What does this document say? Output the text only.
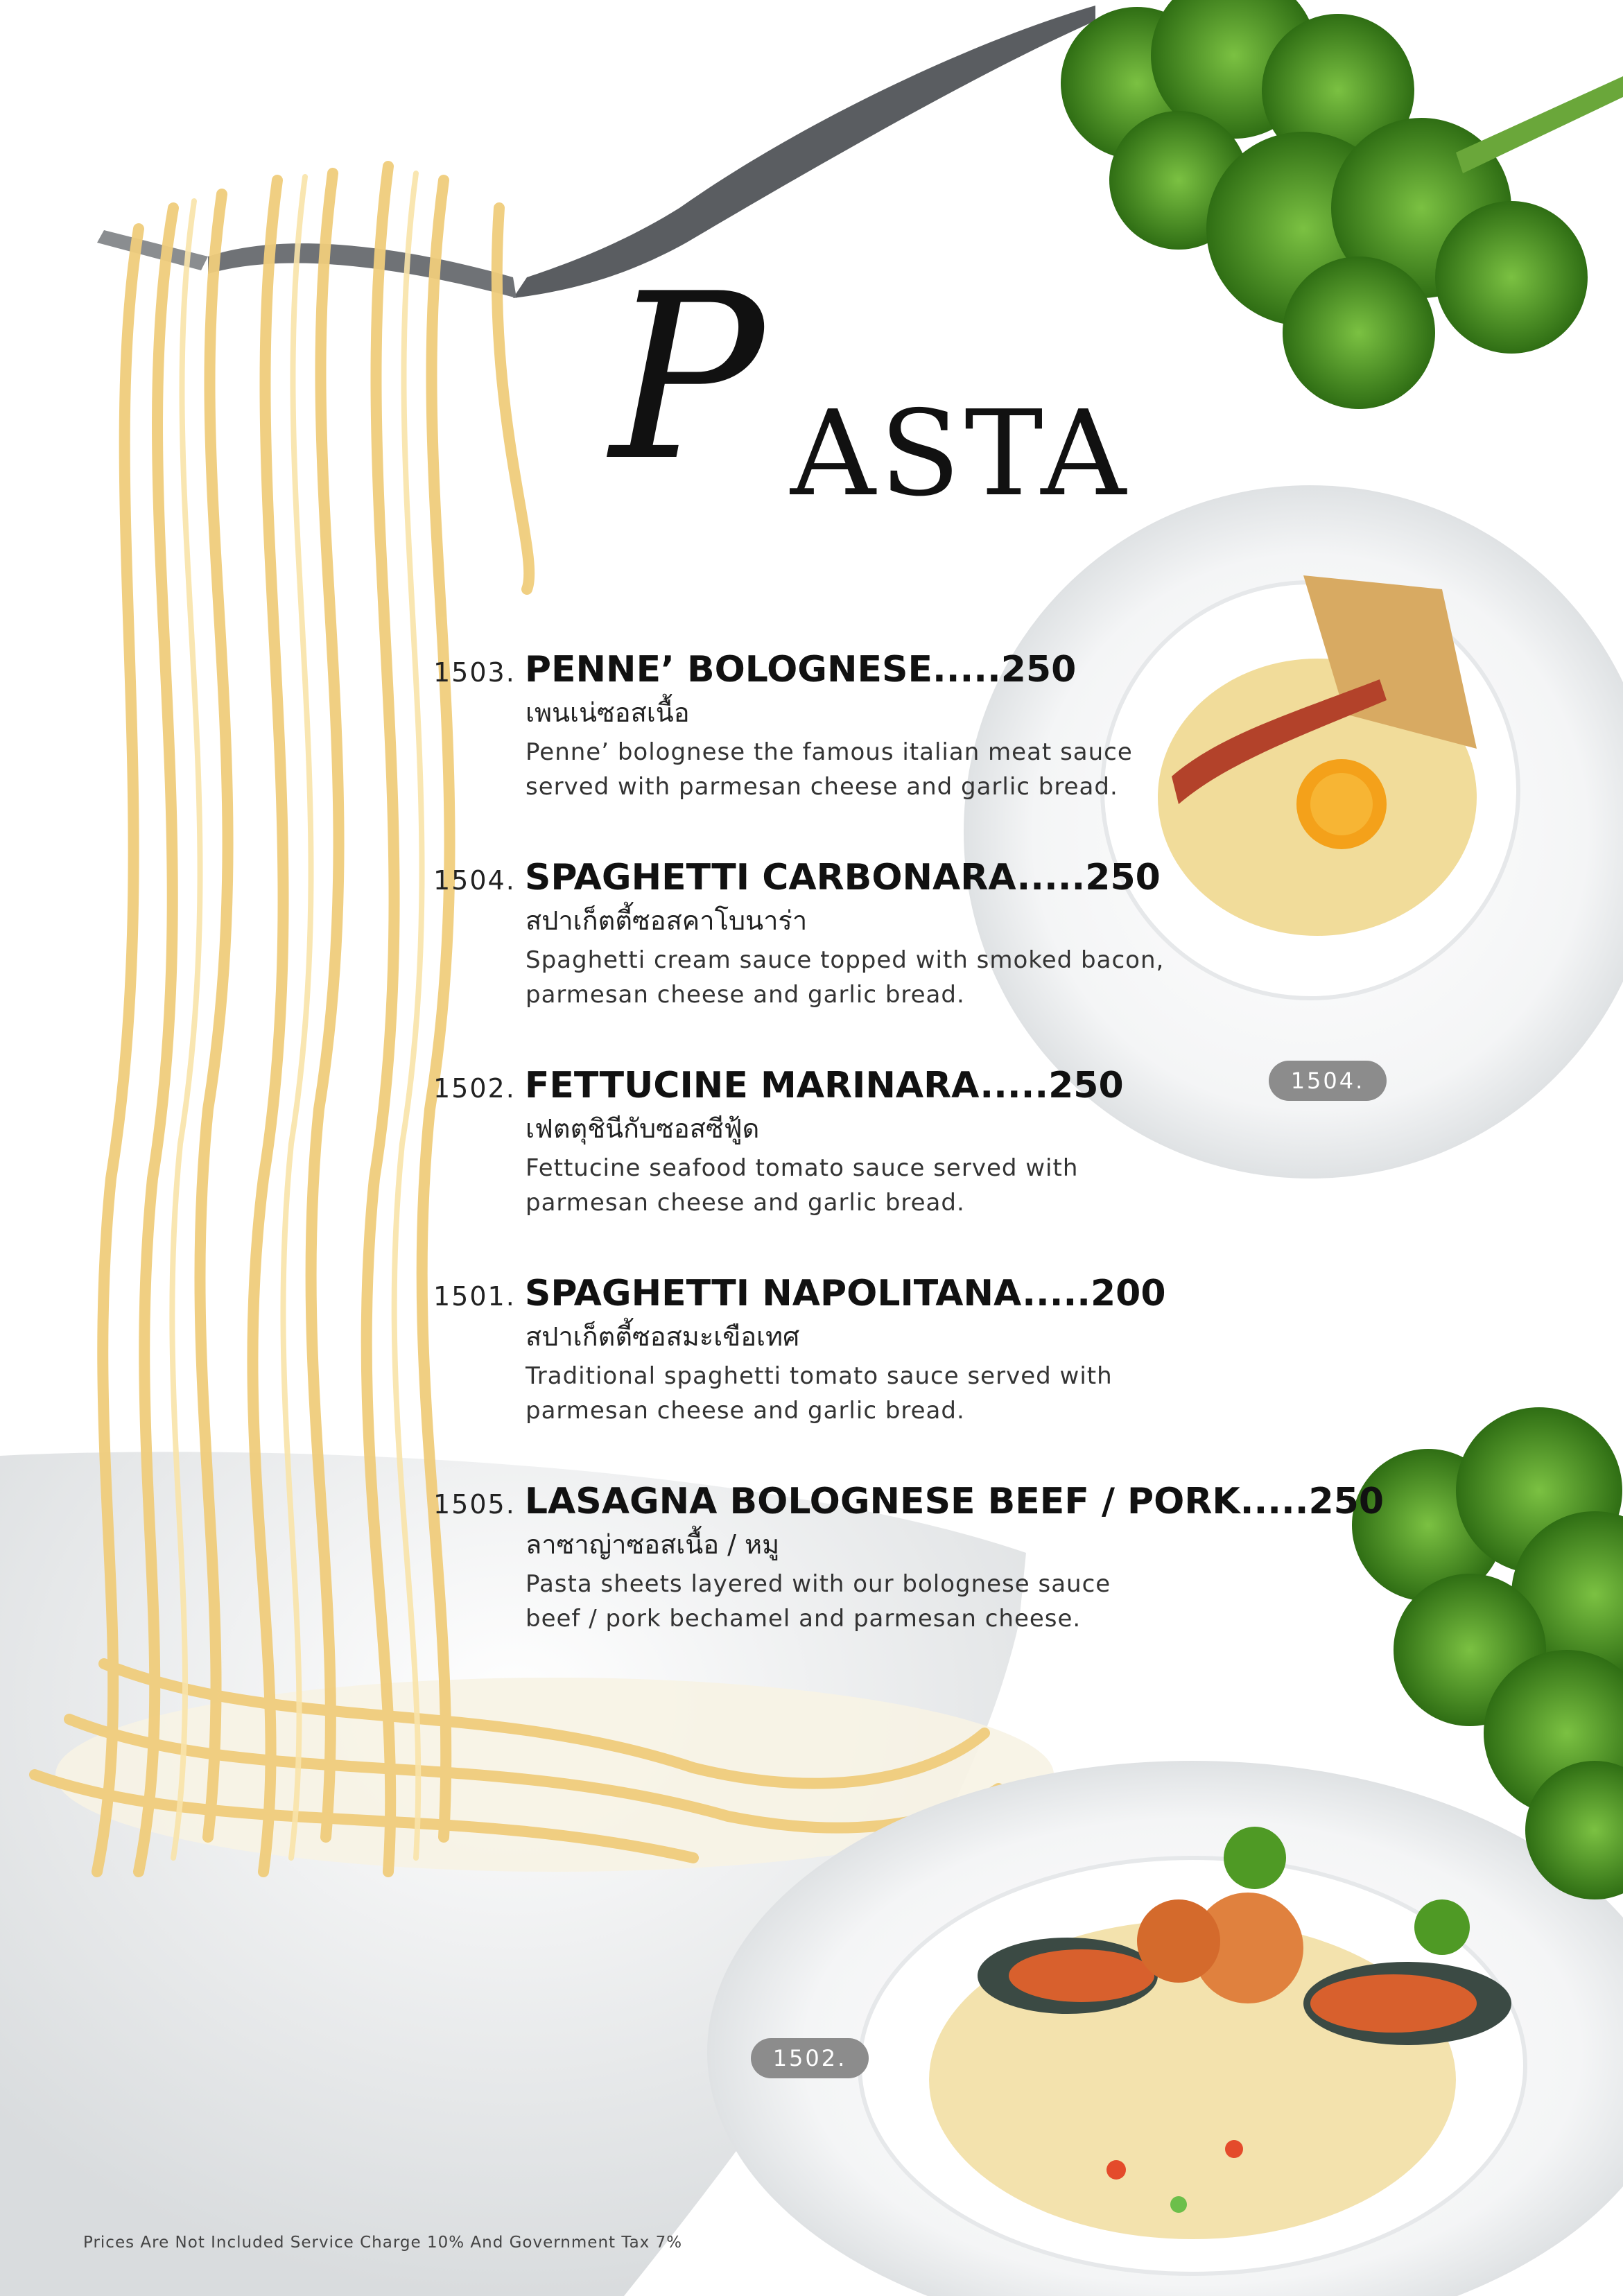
P ASTA
1503. PENNE’ BOLOGNESE.....250
เพนเน่ซอสเนื้อ
Penne’ bolognese the famous italian meat sauce
served with parmesan cheese and garlic bread.
1504. SPAGHETTI CARBONARA.....250
สปาเก็ตตี้ซอสคาโบนาร่า
Spaghetti cream sauce topped with smoked bacon,
parmesan cheese and garlic bread.
1502. FETTUCINE MARINARA.....250
เฟตตุชินีกับซอสซีฟู้ด
Fettucine seafood tomato sauce served with
parmesan cheese and garlic bread.
1501. SPAGHETTI NAPOLITANA.....200
สปาเก็ตตี้ซอสมะเขือเทศ
Traditional spaghetti tomato sauce served with
parmesan cheese and garlic bread.
1505. LASAGNA BOLOGNESE BEEF / PORK.....250
ลาซาญ่าซอสเนื้อ / หมู
Pasta sheets layered with our bolognese sauce
beef / pork bechamel and parmesan cheese.
1504.
1502.
Prices Are Not Included Service Charge 10% And Government Tax 7%
